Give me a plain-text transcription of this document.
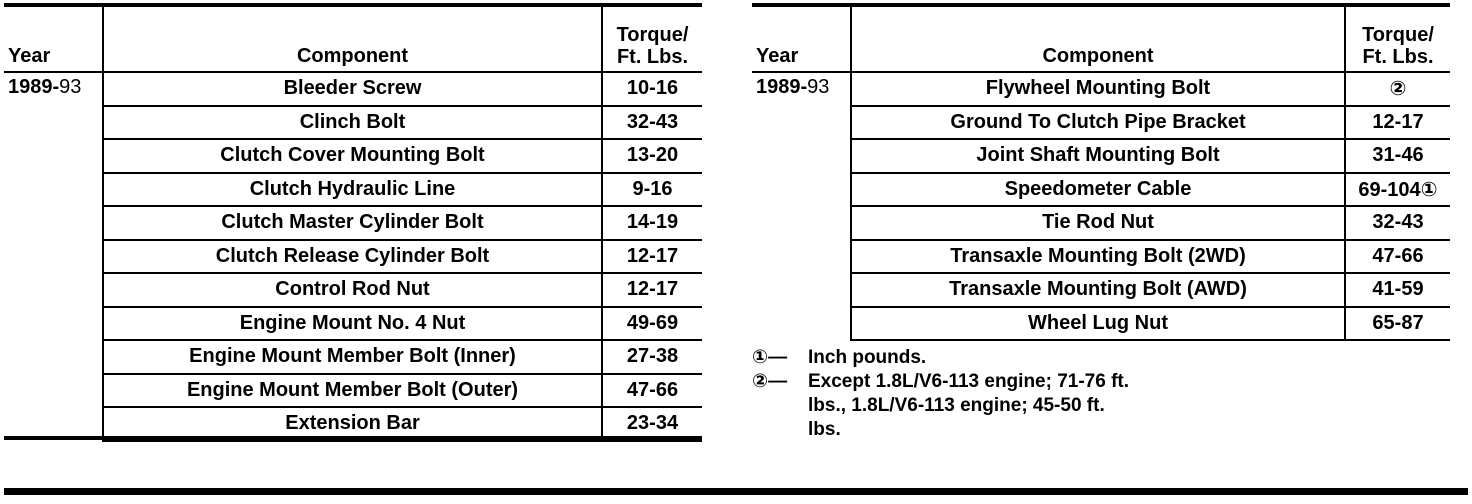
Year	Component	Torque/
Ft. Lbs.

1989-93	Bleeder Screw	10-16
	Clinch Bolt	32-43
	Clutch Cover Mounting Bolt	13-20
	Clutch Hydraulic Line	9-16
	Clutch Master Cylinder Bolt	14-19
	Clutch Release Cylinder Bolt	12-17
	Control Rod Nut	12-17
	Engine Mount No. 4 Nut	49-69
	Engine Mount Member Bolt (Inner)	27-38
	Engine Mount Member Bolt (Outer)	47-66
	Extension Bar	23-34
Year	Component	Torque/
Ft. Lbs.

1989-93	Flywheel Mounting Bolt	②
	Ground To Clutch Pipe Bracket	12-17
	Joint Shaft Mounting Bolt	31-46
	Speedometer Cable	69-104①
	Tie Rod Nut	32-43
	Transaxle Mounting Bolt (2WD)	47-66
	Transaxle Mounting Bolt (AWD)	41-59
	Wheel Lug Nut	65-87
①—	Inch pounds.
②—	Except 1.8L/V6-113 engine; 71-76 ft.
lbs., 1.8L/V6-113 engine; 45-50 ft.
lbs.
